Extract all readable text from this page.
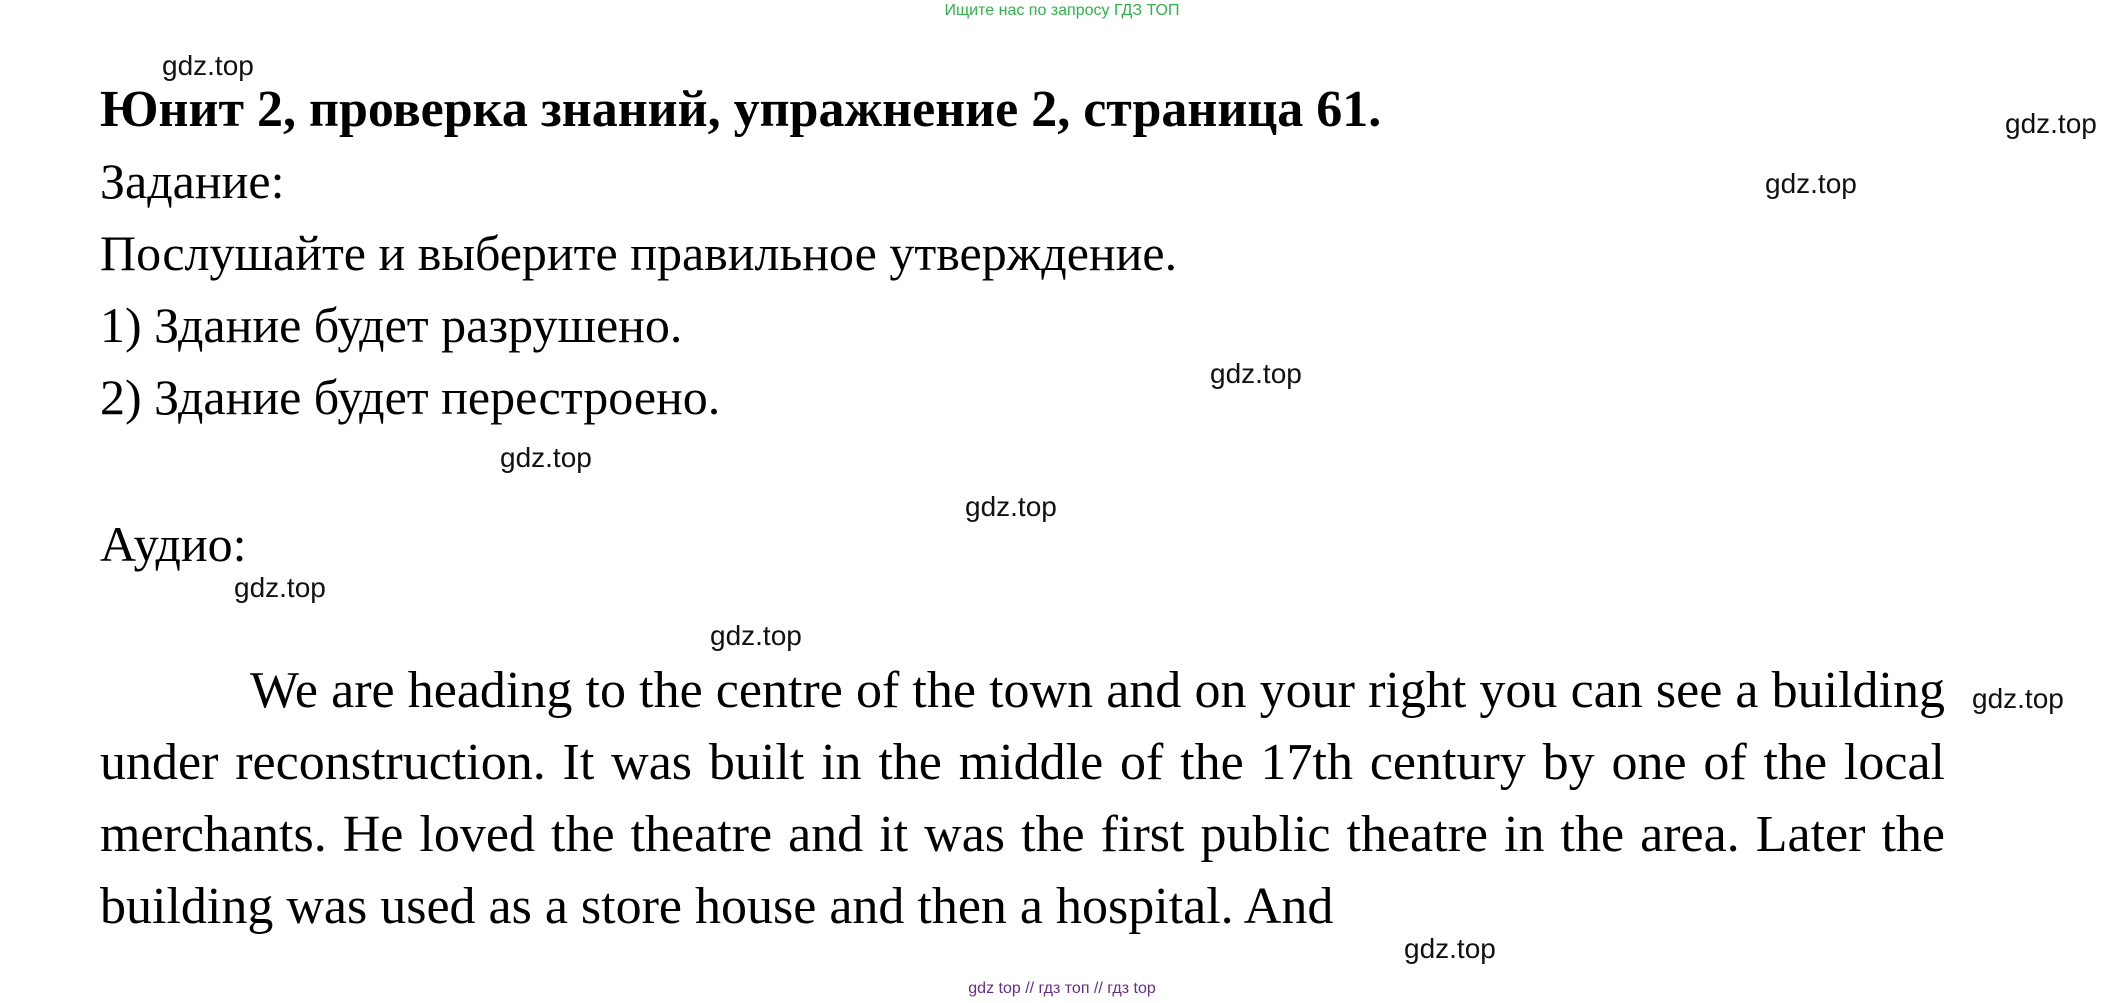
Ищите нас по запросу ГДЗ ТОП
Юнит 2, проверка знаний, упражнение 2, страница 61.
Задание:
Послушайте и выберите правильное утверждение.
1) Здание будет разрушено.
2) Здание будет перестроено.
Аудио:
We are heading to the centre of the town and on your right you can see a building under reconstruction. It was built in the middle of the 17th century by one of the local merchants. He loved the theatre and it was the first public theatre in the area. Later the building was used as a store house and then a hospital. And
gdz.top
gdz.top
gdz.top
gdz.top
gdz.top
gdz.top
gdz.top
gdz.top
gdz.top
gdz.top
gdz top // гдз топ // гдз top
